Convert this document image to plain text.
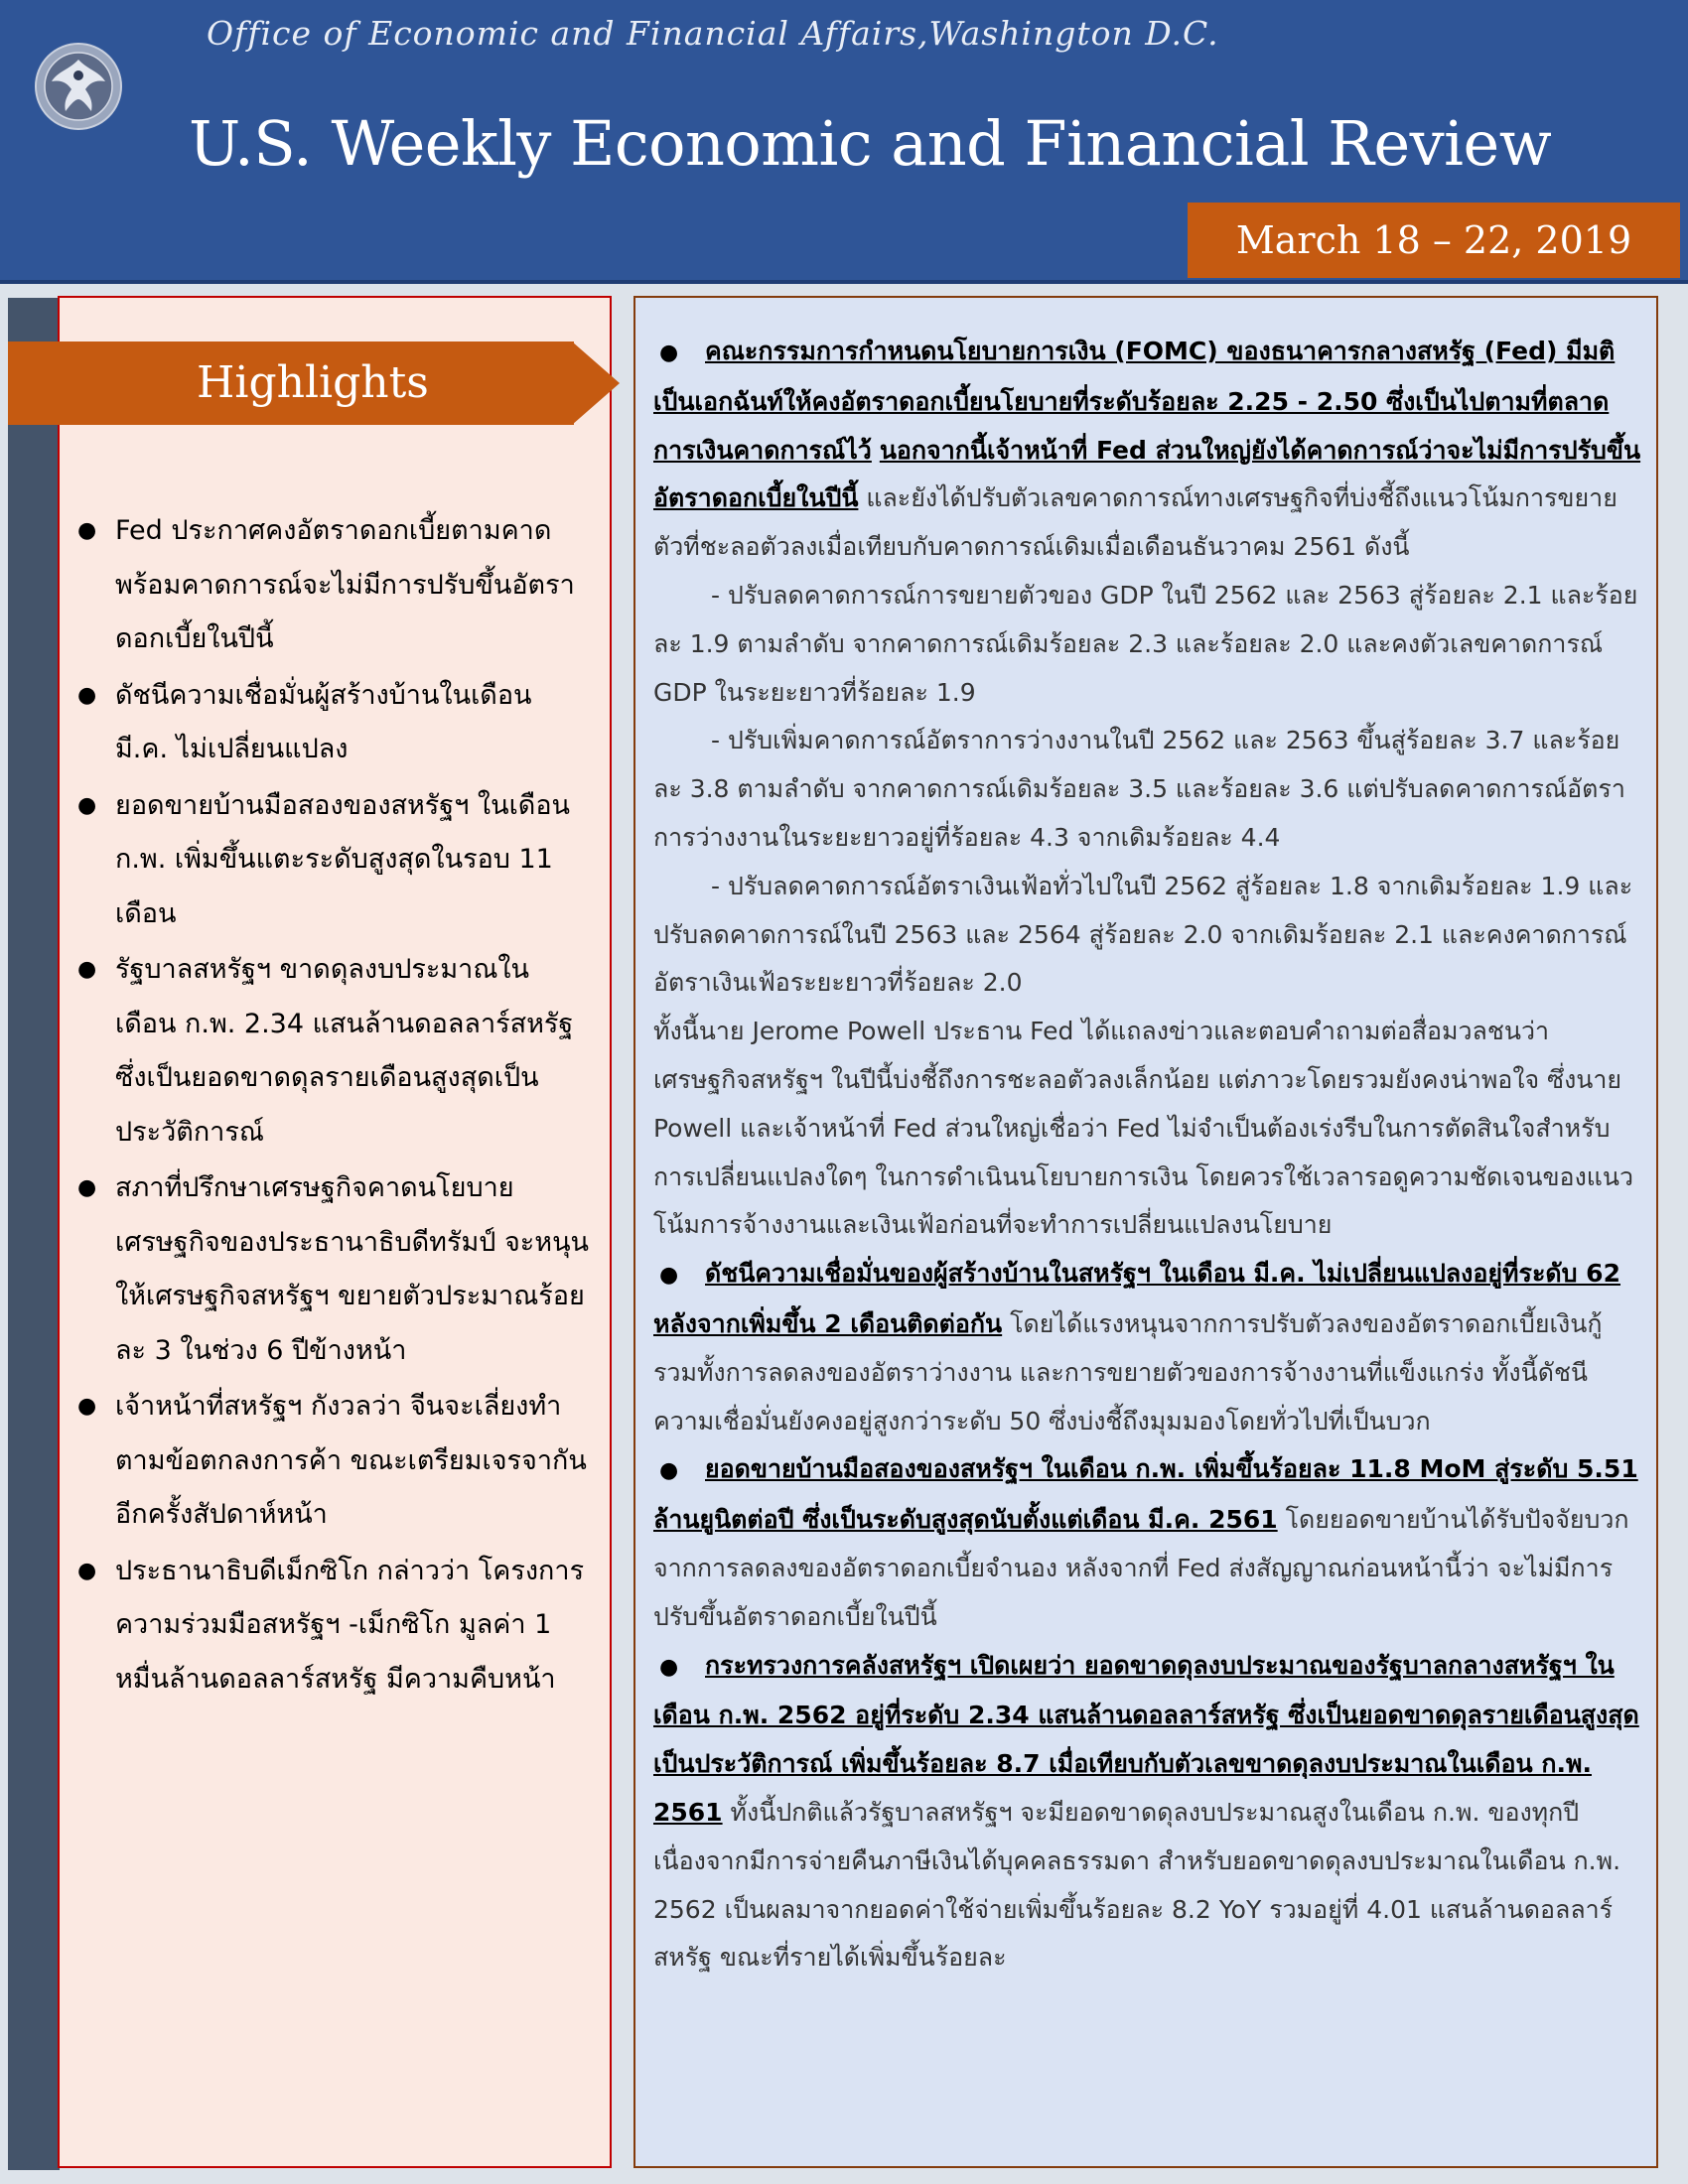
Office of Economic and Financial Affairs,Washington D.C.
U.S. Weekly Economic and Financial Review
March 18 – 22, 2019
Highlights
● Fed ประกาศคงอัตราดอกเบี้ยตามคาด พร้อมคาดการณ์จะไม่มีการปรับขึ้นอัตราดอกเบี้ยในปีนี้
● ดัชนีความเชื่อมั่นผู้สร้างบ้านในเดือน มี.ค. ไม่เปลี่ยนแปลง
● ยอดขายบ้านมือสองของสหรัฐฯ ในเดือน ก.พ. เพิ่มขึ้นแตะระดับสูงสุดในรอบ 11 เดือน
● รัฐบาลสหรัฐฯ ขาดดุลงบประมาณในเดือน ก.พ. 2.34 แสนล้านดอลลาร์สหรัฐ ซึ่งเป็นยอดขาดดุลรายเดือนสูงสุดเป็นประวัติการณ์
● สภาที่ปรึกษาเศรษฐกิจคาดนโยบายเศรษฐกิจของประธานาธิบดีทรัมป์ จะหนุนให้เศรษฐกิจสหรัฐฯ ขยายตัวประมาณร้อยละ 3 ในช่วง 6 ปีข้างหน้า
● เจ้าหน้าที่สหรัฐฯ กังวลว่า จีนจะเลี่ยงทำตามข้อตกลงการค้า ขณะเตรียมเจรจากันอีกครั้งสัปดาห์หน้า
● ประธานาธิบดีเม็กซิโก กล่าวว่า โครงการความร่วมมือสหรัฐฯ -เม็กซิโก มูลค่า 1 หมื่นล้านดอลลาร์สหรัฐ มีความคืบหน้า

● คณะกรรมการกำหนดนโยบายการเงิน (FOMC) ของธนาคารกลางสหรัฐ (Fed) มีมติเป็นเอกฉันท์ให้คงอัตราดอกเบี้ยนโยบายที่ระดับร้อยละ 2.25 - 2.50 ซึ่งเป็นไปตามที่ตลาดการเงินคาดการณ์ไว้ นอกจากนี้เจ้าหน้าที่ Fed ส่วนใหญ่ยังได้คาดการณ์ว่าจะไม่มีการปรับขึ้นอัตราดอกเบี้ยในปีนี้ และยังได้ปรับตัวเลขคาดการณ์ทางเศรษฐกิจที่บ่งชี้ถึงแนวโน้มการขยายตัวที่ชะลอตัวลงเมื่อเทียบกับคาดการณ์เดิมเมื่อเดือนธันวาคม 2561 ดังนี้

- ปรับลดคาดการณ์การขยายตัวของ GDP ในปี 2562 และ 2563 สู่ร้อยละ 2.1 และร้อยละ 1.9 ตามลำดับ จากคาดการณ์เดิมร้อยละ 2.3 และร้อยละ 2.0 และคงตัวเลขคาดการณ์ GDP ในระยะยาวที่ร้อยละ 1.9

- ปรับเพิ่มคาดการณ์อัตราการว่างงานในปี 2562 และ 2563 ขึ้นสู่ร้อยละ 3.7 และร้อยละ 3.8 ตามลำดับ จากคาดการณ์เดิมร้อยละ 3.5 และร้อยละ 3.6 แต่ปรับลดคาดการณ์อัตราการว่างงานในระยะยาวอยู่ที่ร้อยละ 4.3 จากเดิมร้อยละ 4.4

- ปรับลดคาดการณ์อัตราเงินเฟ้อทั่วไปในปี 2562 สู่ร้อยละ 1.8 จากเดิมร้อยละ 1.9 และปรับลดคาดการณ์ในปี 2563 และ 2564 สู่ร้อยละ 2.0 จากเดิมร้อยละ 2.1 และคงคาดการณ์อัตราเงินเฟ้อระยะยาวที่ร้อยละ 2.0

ทั้งนี้นาย Jerome Powell ประธาน Fed ได้แถลงข่าวและตอบคำถามต่อสื่อมวลชนว่าเศรษฐกิจสหรัฐฯ ในปีนี้บ่งชี้ถึงการชะลอตัวลงเล็กน้อย แต่ภาวะโดยรวมยังคงน่าพอใจ ซึ่งนาย Powell และเจ้าหน้าที่ Fed ส่วนใหญ่เชื่อว่า Fed ไม่จำเป็นต้องเร่งรีบในการตัดสินใจสำหรับการเปลี่ยนแปลงใดๆ ในการดำเนินนโยบายการเงิน โดยควรใช้เวลารอดูความชัดเจนของแนวโน้มการจ้างงานและเงินเฟ้อก่อนที่จะทำการเปลี่ยนแปลงนโยบาย

● ดัชนีความเชื่อมั่นของผู้สร้างบ้านในสหรัฐฯ ในเดือน มี.ค. ไม่เปลี่ยนแปลงอยู่ที่ระดับ 62 หลังจากเพิ่มขึ้น 2 เดือนติดต่อกัน โดยได้แรงหนุนจากการปรับตัวลงของอัตราดอกเบี้ยเงินกู้ รวมทั้งการลดลงของอัตราว่างงาน และการขยายตัวของการจ้างงานที่แข็งแกร่ง ทั้งนี้ดัชนีความเชื่อมั่นยังคงอยู่สูงกว่าระดับ 50 ซึ่งบ่งชี้ถึงมุมมองโดยทั่วไปที่เป็นบวก

● ยอดขายบ้านมือสองของสหรัฐฯ ในเดือน ก.พ. เพิ่มขึ้นร้อยละ 11.8 MoM สู่ระดับ 5.51 ล้านยูนิตต่อปี ซึ่งเป็นระดับสูงสุดนับตั้งแต่เดือน มี.ค. 2561 โดยยอดขายบ้านได้รับปัจจัยบวกจากการลดลงของอัตราดอกเบี้ยจำนอง หลังจากที่ Fed ส่งสัญญาณก่อนหน้านี้ว่า จะไม่มีการปรับขึ้นอัตราดอกเบี้ยในปีนี้

● กระทรวงการคลังสหรัฐฯ เปิดเผยว่า ยอดขาดดุลงบประมาณของรัฐบาลกลางสหรัฐฯ ในเดือน ก.พ. 2562 อยู่ที่ระดับ 2.34 แสนล้านดอลลาร์สหรัฐ ซึ่งเป็นยอดขาดดุลรายเดือนสูงสุดเป็นประวัติการณ์ เพิ่มขึ้นร้อยละ 8.7 เมื่อเทียบกับตัวเลขขาดดุลงบประมาณในเดือน ก.พ. 2561 ทั้งนี้ปกติแล้วรัฐบาลสหรัฐฯ จะมียอดขาดดุลงบประมาณสูงในเดือน ก.พ. ของทุกปี เนื่องจากมีการจ่ายคืนภาษีเงินได้บุคคลธรรมดา สำหรับยอดขาดดุลงบประมาณในเดือน ก.พ. 2562 เป็นผลมาจากยอดค่าใช้จ่ายเพิ่มขึ้นร้อยละ 8.2 YoY รวมอยู่ที่ 4.01 แสนล้านดอลลาร์สหรัฐ ขณะที่รายได้เพิ่มขึ้นร้อยละ
